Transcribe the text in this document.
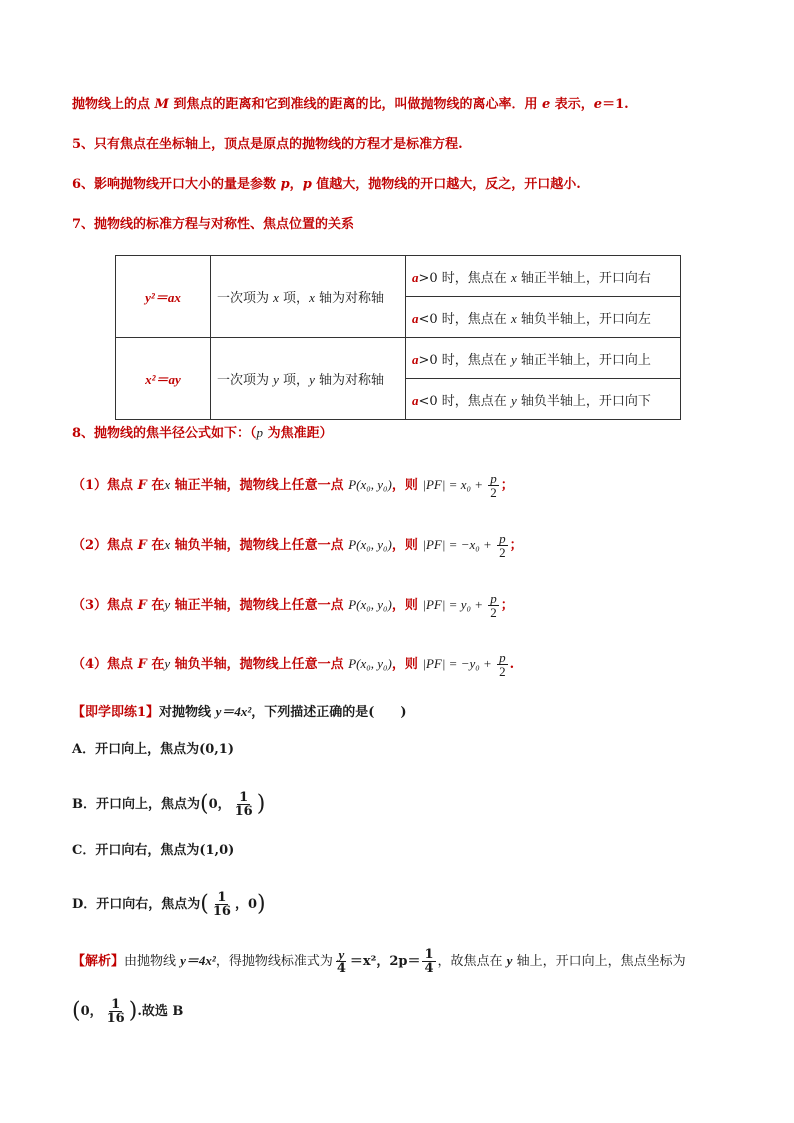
抛物线上的点 M 到焦点的距离和它到准线的距离的比，叫做抛物线的离心率．用 e 表示，e＝1.
5、只有焦点在坐标轴上，顶点是原点的抛物线的方程才是标准方程.
6、影响抛物线开口大小的量是参数 p，p 值越大，抛物线的开口越大，反之，开口越小.
7、抛物线的标准方程与对称性、焦点位置的关系
y²＝ax	一次项为 x 项，x 轴为对称轴	a>0 时，焦点在 x 轴正半轴上，开口向右
		a<0 时，焦点在 x 轴负半轴上，开口向左
x²＝ay	一次项为 y 项，y 轴为对称轴	a>0 时，焦点在 y 轴正半轴上，开口向上
		a<0 时，焦点在 y 轴负半轴上，开口向下
8、抛物线的焦半径公式如下：（p 为焦准距）
（1）焦点 F 在x 轴正半轴，抛物线上任意一点 P(x₀, y₀)，则 $|PF| = x_0 + \frac{p}{2}$ ；
（2）焦点 F 在x 轴负半轴，抛物线上任意一点 P(x₀, y₀)，则 $|PF| = -x_0 + \frac{p}{2}$ ；
（3）焦点 F 在y 轴正半轴，抛物线上任意一点 P(x₀, y₀)，则 $|PF| = y_0 + \frac{p}{2}$ ；
（4）焦点 F 在y 轴负半轴，抛物线上任意一点 P(x₀, y₀)，则 $|PF| = -y_0 + \frac{p}{2}$ .
【即学即练1】对抛物线 y＝4x²，下列描述正确的是(　　)
A．开口向上，焦点为(0,1)
B．开口向上，焦点为(0， $\frac{1}{16}$ )
C．开口向右，焦点为(1,0)
D．开口向右，焦点为( $\frac{1}{16}$ ，0)
【解析】由抛物线 y＝4x²，得抛物线标准式为 $\frac{y}{4} =x^2$，$2p= \frac{1}{4}$ ，故焦点在 y 轴上，开口向上，焦点坐标为
(0， $\frac{1}{16}$ ).故选 B
